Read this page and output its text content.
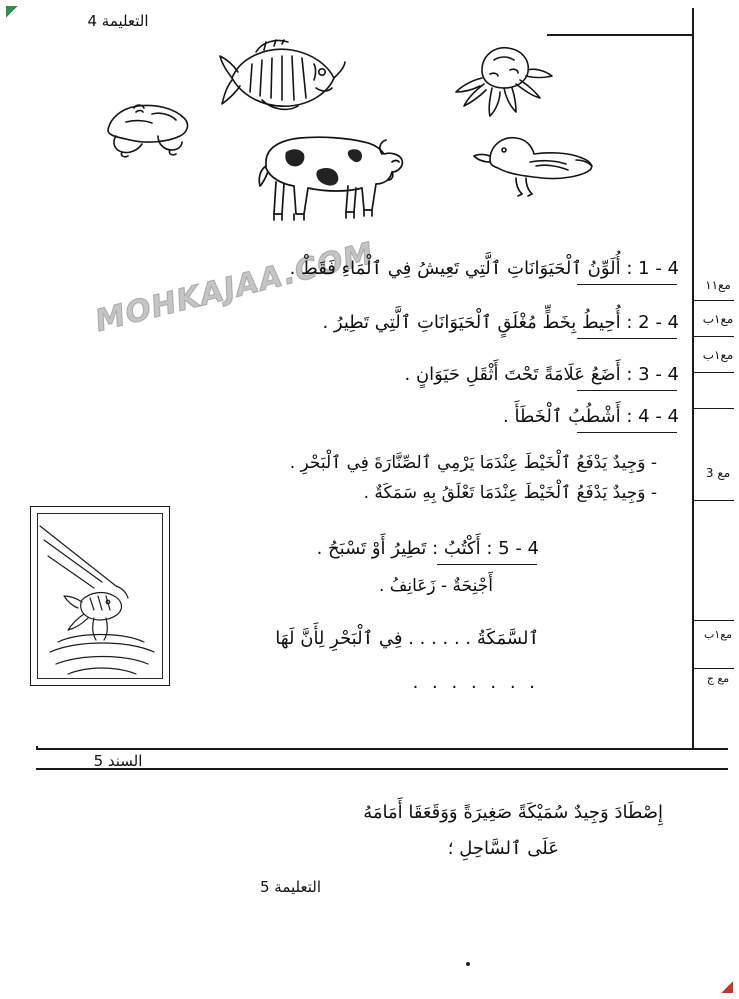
التعليمة 4
مع١١
مع١ب
مع١ب
مع 3
مع١ب
مع ج
MOHKAJAA.COM	4 - 1 : أُلَوِّنُ ٱلْحَيَوَانَاتِ ٱلَّتِي تَعِيشُ فِي ٱلْمَاءِ فَقَطْ .
4 - 2 : أُحِيطُ بِخَطٍّ مُغْلَقٍ ٱلْحَيَوَانَاتِ ٱلَّتِي تَطِيرُ .
4 - 3 : أَضَعُ عَلَامَةً تَحْتَ أَثْقَلِ حَيَوَانٍ .
4 - 4 : أَشْطُبُ ٱلْخَطَأَ .
- وَجِيدٌ يَدْفَعُ ٱلْخَيْطَ عِنْدَمَا يَرْمِي ٱلصِّنَّارَةَ فِي ٱلْبَحْرِ .
- وَجِيدٌ يَدْفَعُ ٱلْخَيْطَ عِنْدَمَا تَعْلَقُ بِهِ سَمَكَةٌ .
4 - 5 : أَكْتُبُ : تَطِيرُ أَوْ تَسْبَحُ .
أَجْنِحَةٌ - زَعَانِفُ .
ٱلسَّمَكَةُ . . . . . . فِي ٱلْبَحْرِ لِأَنَّ لَهَا
. . . . . . .
السند 5
إِصْطَادَ وَجِيدٌ سُمَيْكَةً صَغِيرَةً وَوَقَعَقَا أَمَامَهُ
عَلَى ٱلسَّاحِلِ ؛
التعليمة 5
